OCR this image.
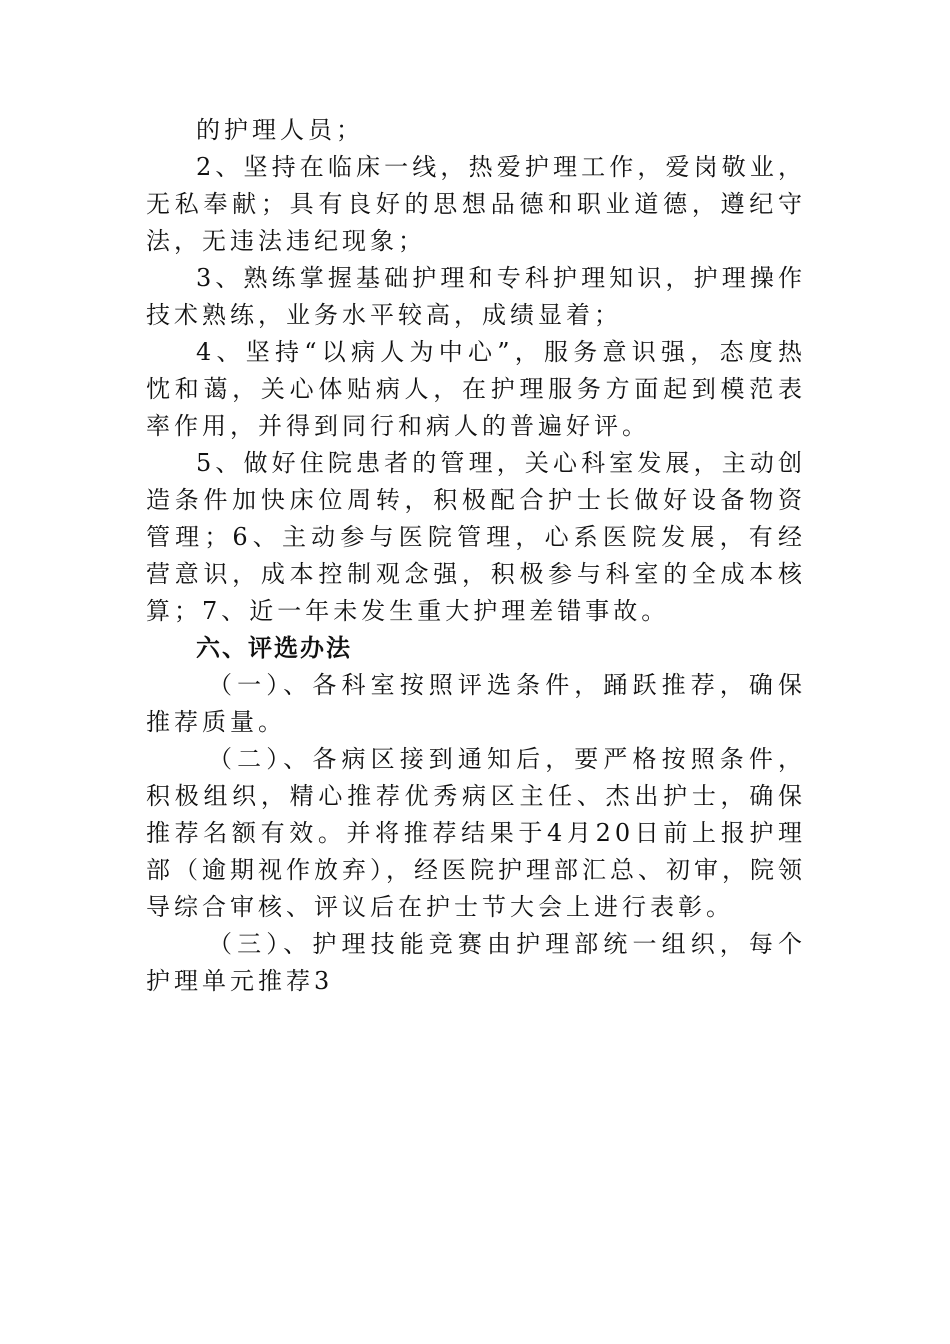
的护理人员；

2、坚持在临床一线，热爱护理工作，爱岗敬业，无私奉献；具有良好的思想品德和职业道德，遵纪守法，无违法违纪现象；

3、熟练掌握基础护理和专科护理知识，护理操作技术熟练，业务水平较高，成绩显着；

4、坚持“以病人为中心”，服务意识强，态度热忱和蔼，关心体贴病人，在护理服务方面起到模范表率作用，并得到同行和病人的普遍好评。

5、做好住院患者的管理，关心科室发展，主动创造条件加快床位周转，积极配合护士长做好设备物资管理；6、主动参与医院管理，心系医院发展，有经营意识，成本控制观念强，积极参与科室的全成本核算；7、近一年未发生重大护理差错事故。

六、评选办法

（一）、各科室按照评选条件，踊跃推荐，确保推荐质量。

（二）、各病区接到通知后，要严格按照条件，积极组织，精心推荐优秀病区主任、杰出护士，确保推荐名额有效。并将推荐结果于4月20日前上报护理部（逾期视作放弃），经医院护理部汇总、初审，院领导综合审核、评议后在护士节大会上进行表彰。

（三）、护理技能竞赛由护理部统一组织，每个护理单元推荐3
